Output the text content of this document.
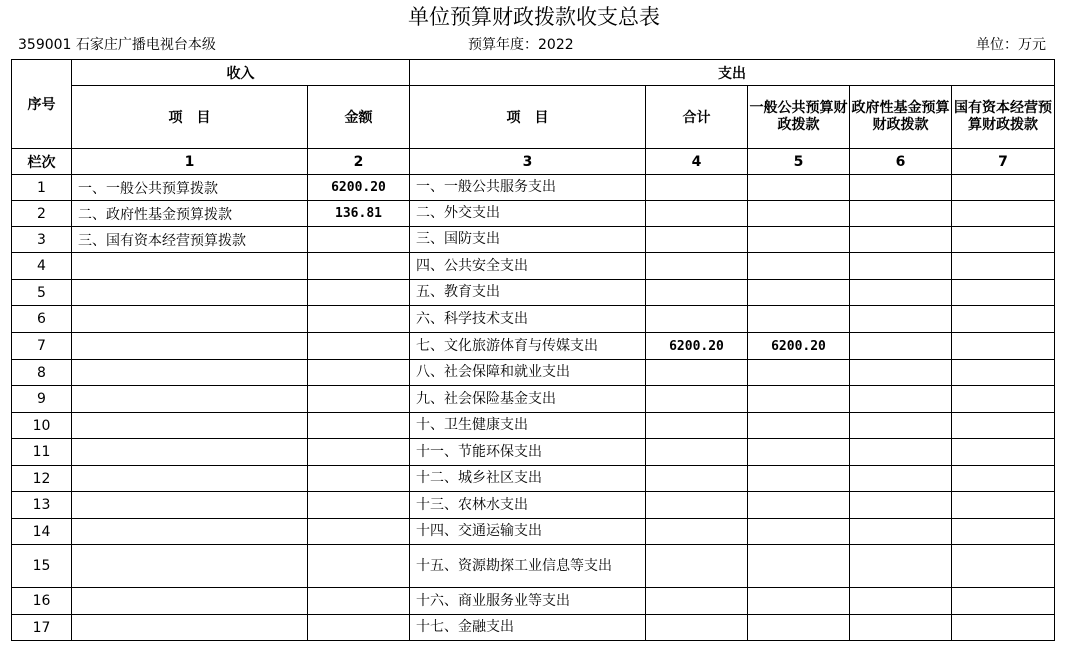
单位预算财政拨款收支总表
359001 石家庄广播电视台本级	预算年度：2022	单位：万元
序号	收入		支出				
	项　目	金额	项　目	合计	一般公共预算财政拨款	政府性基金预算财政拨款	国有资本经营预算财政拨款
栏次	1	2	3	4	5	6	7
1	一、一般公共预算拨款	6200.20	一、一般公共服务支出				
2	二、政府性基金预算拨款	136.81	二、外交支出				
3	三、国有资本经营预算拨款		三、国防支出				
4			四、公共安全支出				
5			五、教育支出				
6			六、科学技术支出				
7			七、文化旅游体育与传媒支出	6200.20	6200.20		
8			八、社会保障和就业支出				
9			九、社会保险基金支出				
10			十、卫生健康支出				
11			十一、节能环保支出				
12			十二、城乡社区支出				
13			十三、农林水支出				
14			十四、交通运输支出				
15			十五、资源勘探工业信息等支出				
16			十六、商业服务业等支出				
17			十七、金融支出				
